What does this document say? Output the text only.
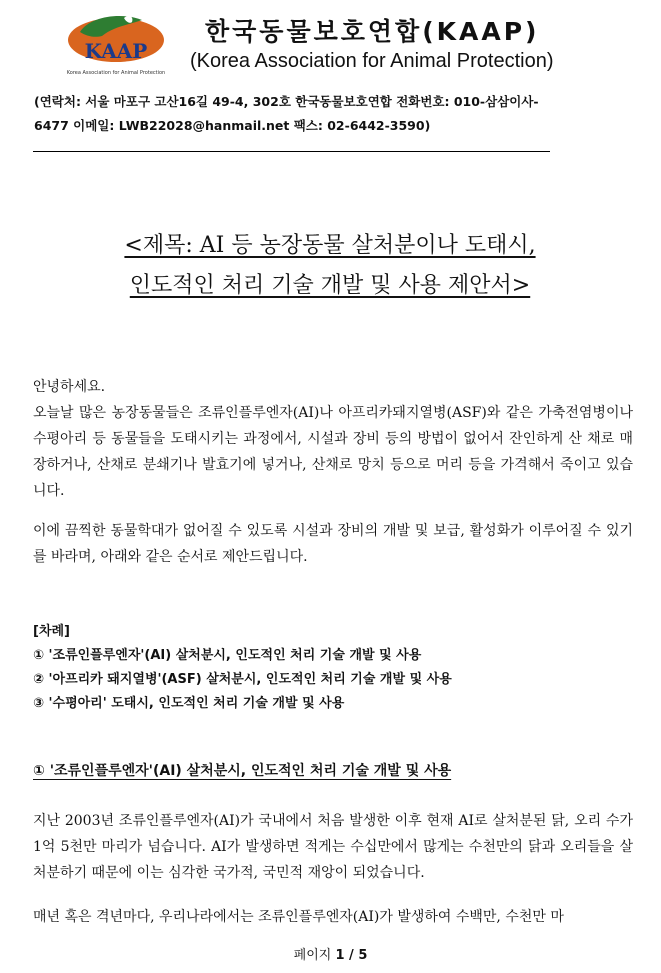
KAAP
Korea Association for Animal Protection
한국동물보호연합(KAAP)
(Korea Association for Animal Protection)
(연락처: 서울 마포구 고산16길 49-4, 302호 한국동물보호연합 전화번호: 010-삼삼이사-
6477 이메일: LWB22028@hanmail.net 팩스: 02-6442-3590)
<제목: AI 등 농장동물 살처분이나 도태시,
인도적인 처리 기술 개발 및 사용 제안서>
안녕하세요.
오늘날 많은 농장동물들은 조류인플루엔자(AI)나 아프리카돼지열병(ASF)와 같은 가축전염병이나 수평아리 등 동물들을 도태시키는 과정에서, 시설과 장비 등의 방법이 없어서 잔인하게 산 채로 매장하거나, 산채로 분쇄기나 발효기에 넣거나, 산채로 망치 등으로 머리 등을 가격해서 죽이고 있습니다.
이에 끔찍한 동물학대가 없어질 수 있도록 시설과 장비의 개발 및 보급, 활성화가 이루어질 수 있기를 바라며, 아래와 같은 순서로 제안드립니다.
[차례]
① '조류인플루엔자'(AI) 살처분시, 인도적인 처리 기술 개발 및 사용
② '아프리카 돼지열병'(ASF) 살처분시, 인도적인 처리 기술 개발 및 사용
③ '수평아리' 도태시, 인도적인 처리 기술 개발 및 사용
① '조류인플루엔자'(AI) 살처분시, 인도적인 처리 기술 개발 및 사용
지난 2003년 조류인플루엔자(AI)가 국내에서 처음 발생한 이후 현재 AI로 살처분된 닭, 오리 수가 1억 5천만 마리가 넘습니다. AI가 발생하면 적게는 수십만에서 많게는 수천만의 닭과 오리들을 살처분하기 때문에 이는 심각한 국가적, 국민적 재앙이 되었습니다.
매년 혹은 격년마다, 우리나라에서는 조류인플루엔자(AI)가 발생하여 수백만, 수천만 마
페이지 1 / 5
